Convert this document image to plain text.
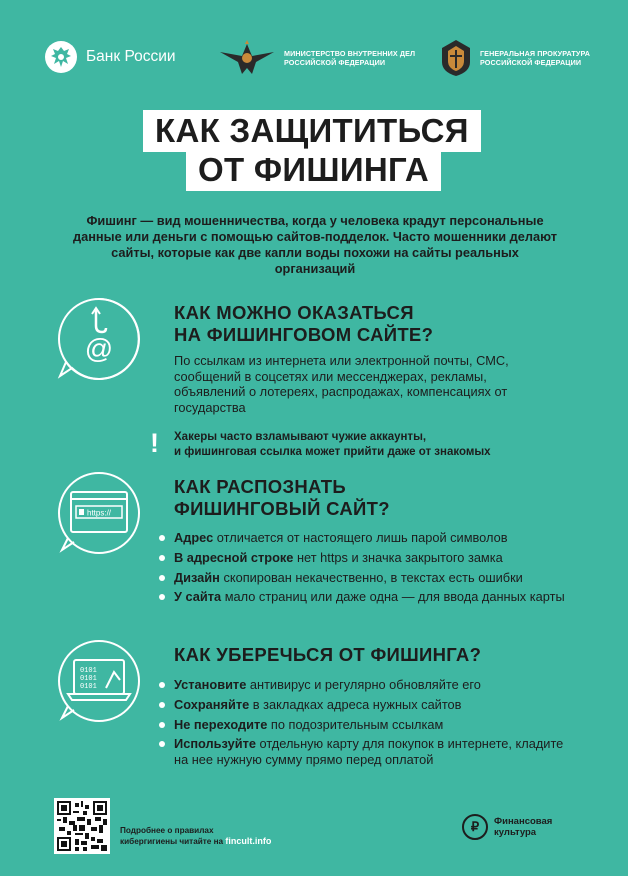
Банк России	МИНИСТЕРСТВО ВНУТРЕННИХ ДЕЛ
РОССИЙСКОЙ ФЕДЕРАЦИИ
ГЕНЕРАЛЬНАЯ ПРОКУРАТУРА
РОССИЙСКОЙ ФЕДЕРАЦИИ
КАК ЗАЩИТИТЬСЯ
ОТ ФИШИНГА
Фишинг — вид мошенничества, когда у человека крадут персональные данные или деньги с помощью сайтов-подделок. Часто мошенники делают сайты, которые как две капли воды похожи на сайты реальных организаций
@
КАК МОЖНО ОКАЗАТЬСЯ
НА ФИШИНГОВОМ САЙТЕ?
По ссылкам из интернета или электронной почты, СМС, сообщений в соцсетях или мессенджерах, рекламы, объявлений о лотереях, распродажах, компенсациях от государства
! Хакеры часто взламывают чужие аккаунты,
и фишинговая ссылка может прийти даже от знакомых
https://
КАК РАСПОЗНАТЬ
ФИШИНГОВЫЙ САЙТ?
Адрес отличается от настоящего лишь парой символов
В адресной строке нет https и значка закрытого замка
Дизайн скопирован некачественно, в текстах есть ошибки
У сайта мало страниц или даже одна — для ввода данных карты
0101
0101
0101
КАК УБЕРЕЧЬСЯ ОТ ФИШИНГА?
Установите антивирус и регулярно обновляйте его
Сохраняйте в закладках адреса нужных сайтов
Не переходите по подозрительным ссылкам
Используйте отдельную карту для покупок в интернете, кладите на нее нужную сумму прямо перед оплатой
Подробнее о правилах
кибергигиены читайте на fincult.info
₽	Финансовая
культура
